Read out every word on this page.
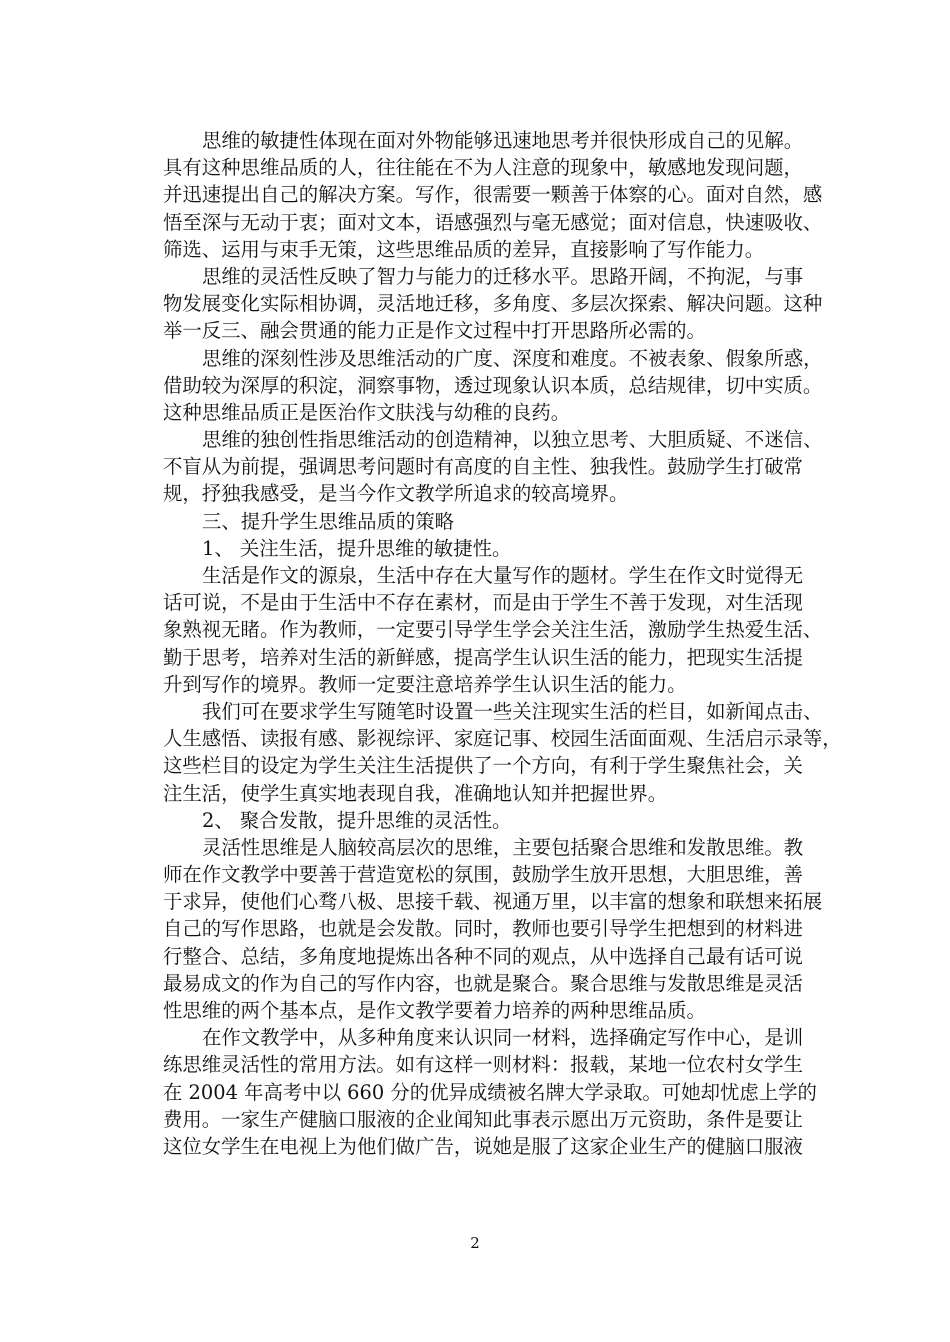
思维的敏捷性体现在面对外物能够迅速地思考并很快形成自己的见解。
具有这种思维品质的人，往往能在不为人注意的现象中，敏感地发现问题，
并迅速提出自己的解决方案。写作，很需要一颗善于体察的心。面对自然，感
悟至深与无动于衷；面对文本，语感强烈与毫无感觉；面对信息，快速吸收、
筛选、运用与束手无策，这些思维品质的差异，直接影响了写作能力。
思维的灵活性反映了智力与能力的迁移水平。思路开阔，不拘泥，与事
物发展变化实际相协调，灵活地迁移，多角度、多层次探索、解决问题。这种
举一反三、融会贯通的能力正是作文过程中打开思路所必需的。
思维的深刻性涉及思维活动的广度、深度和难度。不被表象、假象所惑，
借助较为深厚的积淀，洞察事物，透过现象认识本质，总结规律，切中实质。
这种思维品质正是医治作文肤浅与幼稚的良药。
思维的独创性指思维活动的创造精神，以独立思考、大胆质疑、不迷信、
不盲从为前提，强调思考问题时有高度的自主性、独我性。鼓励学生打破常
规，抒独我感受，是当今作文教学所追求的较高境界。
三、提升学生思维品质的策略
1、 关注生活，提升思维的敏捷性。
生活是作文的源泉，生活中存在大量写作的题材。学生在作文时觉得无
话可说，不是由于生活中不存在素材，而是由于学生不善于发现，对生活现
象熟视无睹。作为教师，一定要引导学生学会关注生活，激励学生热爱生活、
勤于思考，培养对生活的新鲜感，提高学生认识生活的能力，把现实生活提
升到写作的境界。教师一定要注意培养学生认识生活的能力。
我们可在要求学生写随笔时设置一些关注现实生活的栏目，如新闻点击、
人生感悟、读报有感、影视综评、家庭记事、校园生活面面观、生活启示录等，
这些栏目的设定为学生关注生活提供了一个方向，有利于学生聚焦社会，关
注生活，使学生真实地表现自我，准确地认知并把握世界。
2、 聚合发散，提升思维的灵活性。
灵活性思维是人脑较高层次的思维，主要包括聚合思维和发散思维。教
师在作文教学中要善于营造宽松的氛围，鼓励学生放开思想，大胆思维，善
于求异，使他们心骛八极、思接千载、视通万里，以丰富的想象和联想来拓展
自己的写作思路，也就是会发散。同时，教师也要引导学生把想到的材料进
行整合、总结，多角度地提炼出各种不同的观点，从中选择自己最有话可说
最易成文的作为自己的写作内容，也就是聚合。聚合思维与发散思维是灵活
性思维的两个基本点，是作文教学要着力培养的两种思维品质。
在作文教学中，从多种角度来认识同一材料，选择确定写作中心，是训
练思维灵活性的常用方法。如有这样一则材料：报载，某地一位农村女学生
在 2004 年高考中以 660 分的优异成绩被名牌大学录取。可她却忧虑上学的
费用。一家生产健脑口服液的企业闻知此事表示愿出万元资助，条件是要让
这位女学生在电视上为他们做广告，说她是服了这家企业生产的健脑口服液
2
